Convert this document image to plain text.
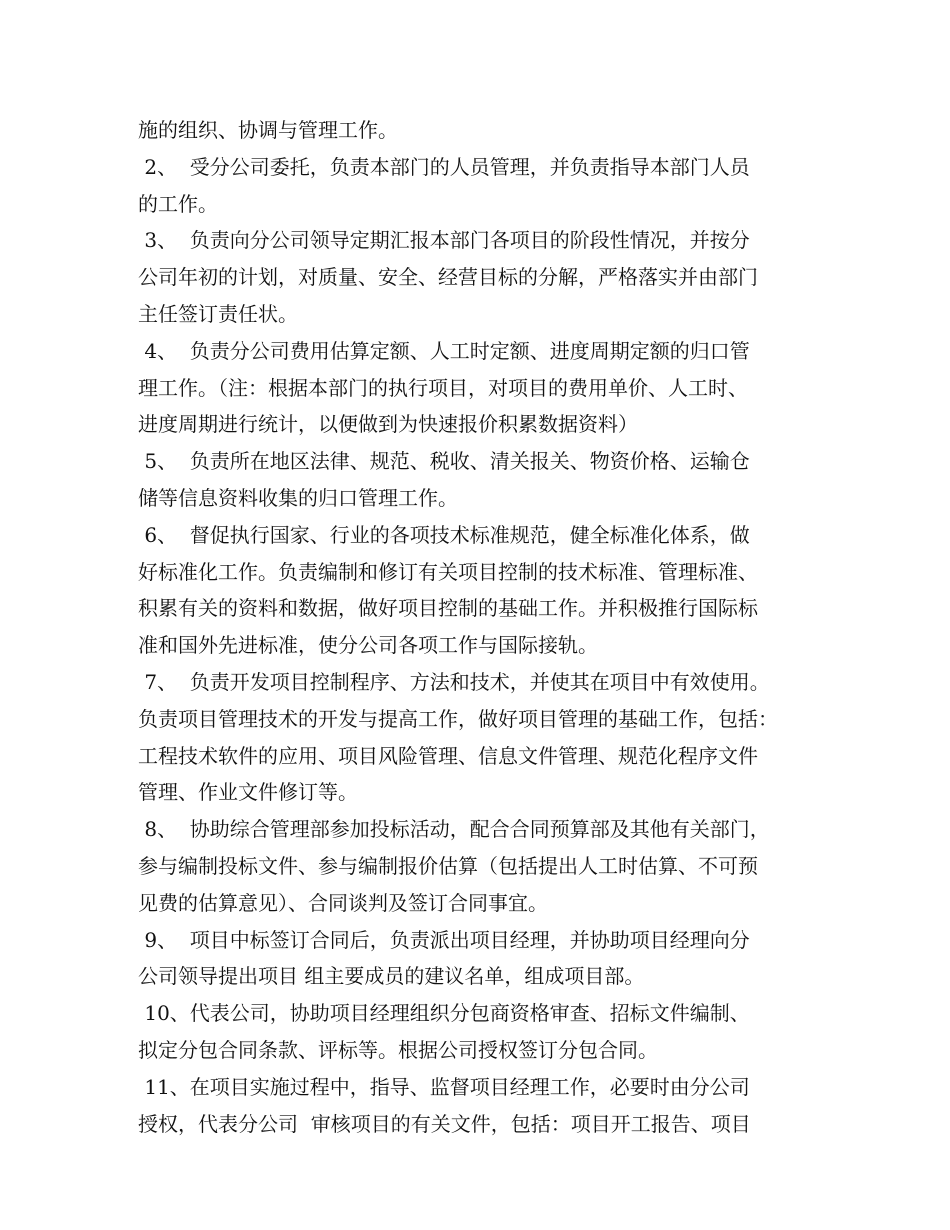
施的组织、协调与管理工作。

2、  受分公司委托，负责本部门的人员管理，并负责指导本部门人员

的工作。

3、  负责向分公司领导定期汇报本部门各项目的阶段性情况，并按分

公司年初的计划，对质量、安全、经营目标的分解，严格落实并由部门

主任签订责任状。

4、  负责分公司费用估算定额、人工时定额、进度周期定额的归口管

理工作。（注：根据本部门的执行项目，对项目的费用单价、人工时、

进度周期进行统计，以便做到为快速报价积累数据资料）

5、  负责所在地区法律、规范、税收、清关报关、物资价格、运输仓

储等信息资料收集的归口管理工作。

6、  督促执行国家、行业的各项技术标准规范，健全标准化体系，做

好标准化工作。负责编制和修订有关项目控制的技术标准、管理标准、

积累有关的资料和数据，做好项目控制的基础工作。并积极推行国际标

准和国外先进标准，使分公司各项工作与国际接轨。

7、  负责开发项目控制程序、方法和技术，并使其在项目中有效使用。

负责项目管理技术的开发与提高工作，做好项目管理的基础工作，包括：

工程技术软件的应用、项目风险管理、信息文件管理、规范化程序文件

管理、作业文件修订等。

8、  协助综合管理部参加投标活动，配合合同预算部及其他有关部门，

参与编制投标文件、参与编制报价估算（包括提出人工时估算、不可预

见费的估算意见）、合同谈判及签订合同事宜。

9、  项目中标签订合同后，负责派出项目经理，并协助项目经理向分

公司领导提出项目 组主要成员的建议名单，组成项目部。

10、代表公司，协助项目经理组织分包商资格审查、招标文件编制、

拟定分包合同条款、评标等。根据公司授权签订分包合同。

11、在项目实施过程中，指导、监督项目经理工作，必要时由分公司

授权，代表分公司  审核项目的有关文件，包括：项目开工报告、项目
